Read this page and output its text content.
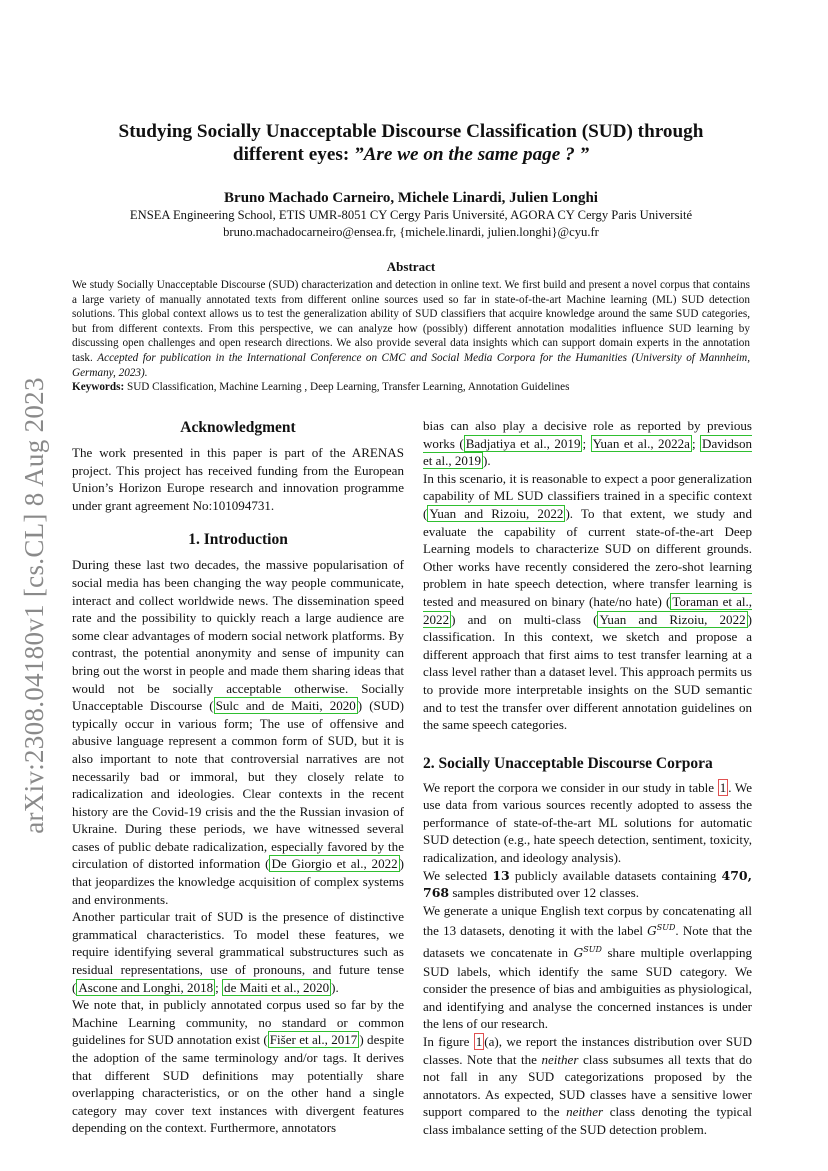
arXiv:2308.04180v1 [cs.CL] 8 Aug 2023
Studying Socially Unacceptable Discourse Classification (SUD) through
different eyes: ”Are we on the same page ? ”
Bruno Machado Carneiro, Michele Linardi, Julien Longhi
ENSEA Engineering School, ETIS UMR-8051 CY Cergy Paris Université, AGORA CY Cergy Paris Université
bruno.machadocarneiro@ensea.fr, {michele.linardi, julien.longhi}@cyu.fr
Abstract
We study Socially Unacceptable Discourse (SUD) characterization and detection in online text. We first build and present a novel corpus that contains a large variety of manually annotated texts from different online sources used so far in state-of-the-art Machine learning (ML) SUD detection solutions. This global context allows us to test the generalization ability of SUD classifiers that acquire knowledge around the same SUD categories, but from different contexts. From this perspective, we can analyze how (possibly) different annotation modalities influence SUD learning by discussing open challenges and open research directions. We also provide several data insights which can support domain experts in the annotation task. Accepted for publication in the International Conference on CMC and Social Media Corpora for the Humanities (University of Mannheim, Germany, 2023).
Keywords: SUD Classification, Machine Learning , Deep Learning, Transfer Learning, Annotation Guidelines
Acknowledgment

The work presented in this paper is part of the ARENAS project. This project has received funding from the European Union’s Horizon Europe research and innovation programme under grant agreement No:101094731.

1. Introduction

During these last two decades, the massive popularisation of social media has been changing the way people communicate, interact and collect worldwide news. The dissemination speed rate and the possibility to quickly reach a large audience are some clear advantages of modern social network platforms. By contrast, the potential anonymity and sense of impunity can bring out the worst in people and made them sharing ideas that would not be socially acceptable otherwise. Socially Unacceptable Discourse ( Sulc and de Maiti, 2020 ) (SUD) typically occur in various form; The use of offensive and abusive language represent a common form of SUD, but it is also important to note that controversial narratives are not necessarily bad or immoral, but they closely relate to radicalization and ideologies. Clear contexts in the recent history are the Covid-19 crisis and the the Russian invasion of Ukraine. During these periods, we have witnessed several cases of public debate radicalization, especially favored by the circulation of distorted information ( De Giorgio et al., 2022 ) that jeopardizes the knowledge acquisition of complex systems and environments.

Another particular trait of SUD is the presence of distinctive grammatical characteristics. To model these features, we require identifying several grammatical substructures such as residual representations, use of pronouns, and future tense ( Ascone and Longhi, 2018 ; de Maiti et al., 2020 ).

We note that, in publicly annotated corpus used so far by the Machine Learning community, no standard or common guidelines for SUD annotation exist ( Fišer et al., 2017 ) despite the adoption of the same terminology and/or tags. It derives that different SUD definitions may potentially share overlapping characteristics, or on the other hand a single category may cover text instances with divergent features depending on the context. Furthermore, annotators

bias can also play a decisive role as reported by previous works ( Badjatiya et al., 2019 ; Yuan et al., 2022a ; Davidson et al., 2019 ).

In this scenario, it is reasonable to expect a poor generalization capability of ML SUD classifiers trained in a specific context ( Yuan and Rizoiu, 2022 ). To that extent, we study and evaluate the capability of current state-of-the-art Deep Learning models to characterize SUD on different grounds. Other works have recently considered the zero-shot learning problem in hate speech detection, where transfer learning is tested and measured on binary (hate/no hate) ( Toraman et al., 2022 ) and on multi-class ( Yuan and Rizoiu, 2022 ) classification. In this context, we sketch and propose a different approach that first aims to test transfer learning at a class level rather than a dataset level. This approach permits us to provide more interpretable insights on the SUD semantic and to test the transfer over different annotation guidelines on the same speech categories.

2. Socially Unacceptable Discourse Corpora

We report the corpora we consider in our study in table 1 . We use data from various sources recently adopted to assess the performance of state-of-the-art ML solutions for automatic SUD detection (e.g., hate speech detection, sentiment, toxicity, radicalization, and ideology analysis).

We selected 13 publicly available datasets containing 470, 768 samples distributed over 12 classes.

We generate a unique English text corpus by concatenating all the 13 datasets, denoting it with the label $G^{SUD}$. Note that the datasets we concatenate in $G^{SUD}$ share multiple overlapping SUD labels, which identify the same SUD category. We consider the presence of bias and ambiguities as physiological, and identifying and analyse the concerned instances is under the lens of our research.

In figure 1 (a), we report the instances distribution over SUD classes. Note that the neither class subsumes all texts that do not fall in any SUD categorizations proposed by the annotators. As expected, SUD classes have a sensitive lower support compared to the neither class denoting the typical class imbalance setting of the SUD detection problem.
